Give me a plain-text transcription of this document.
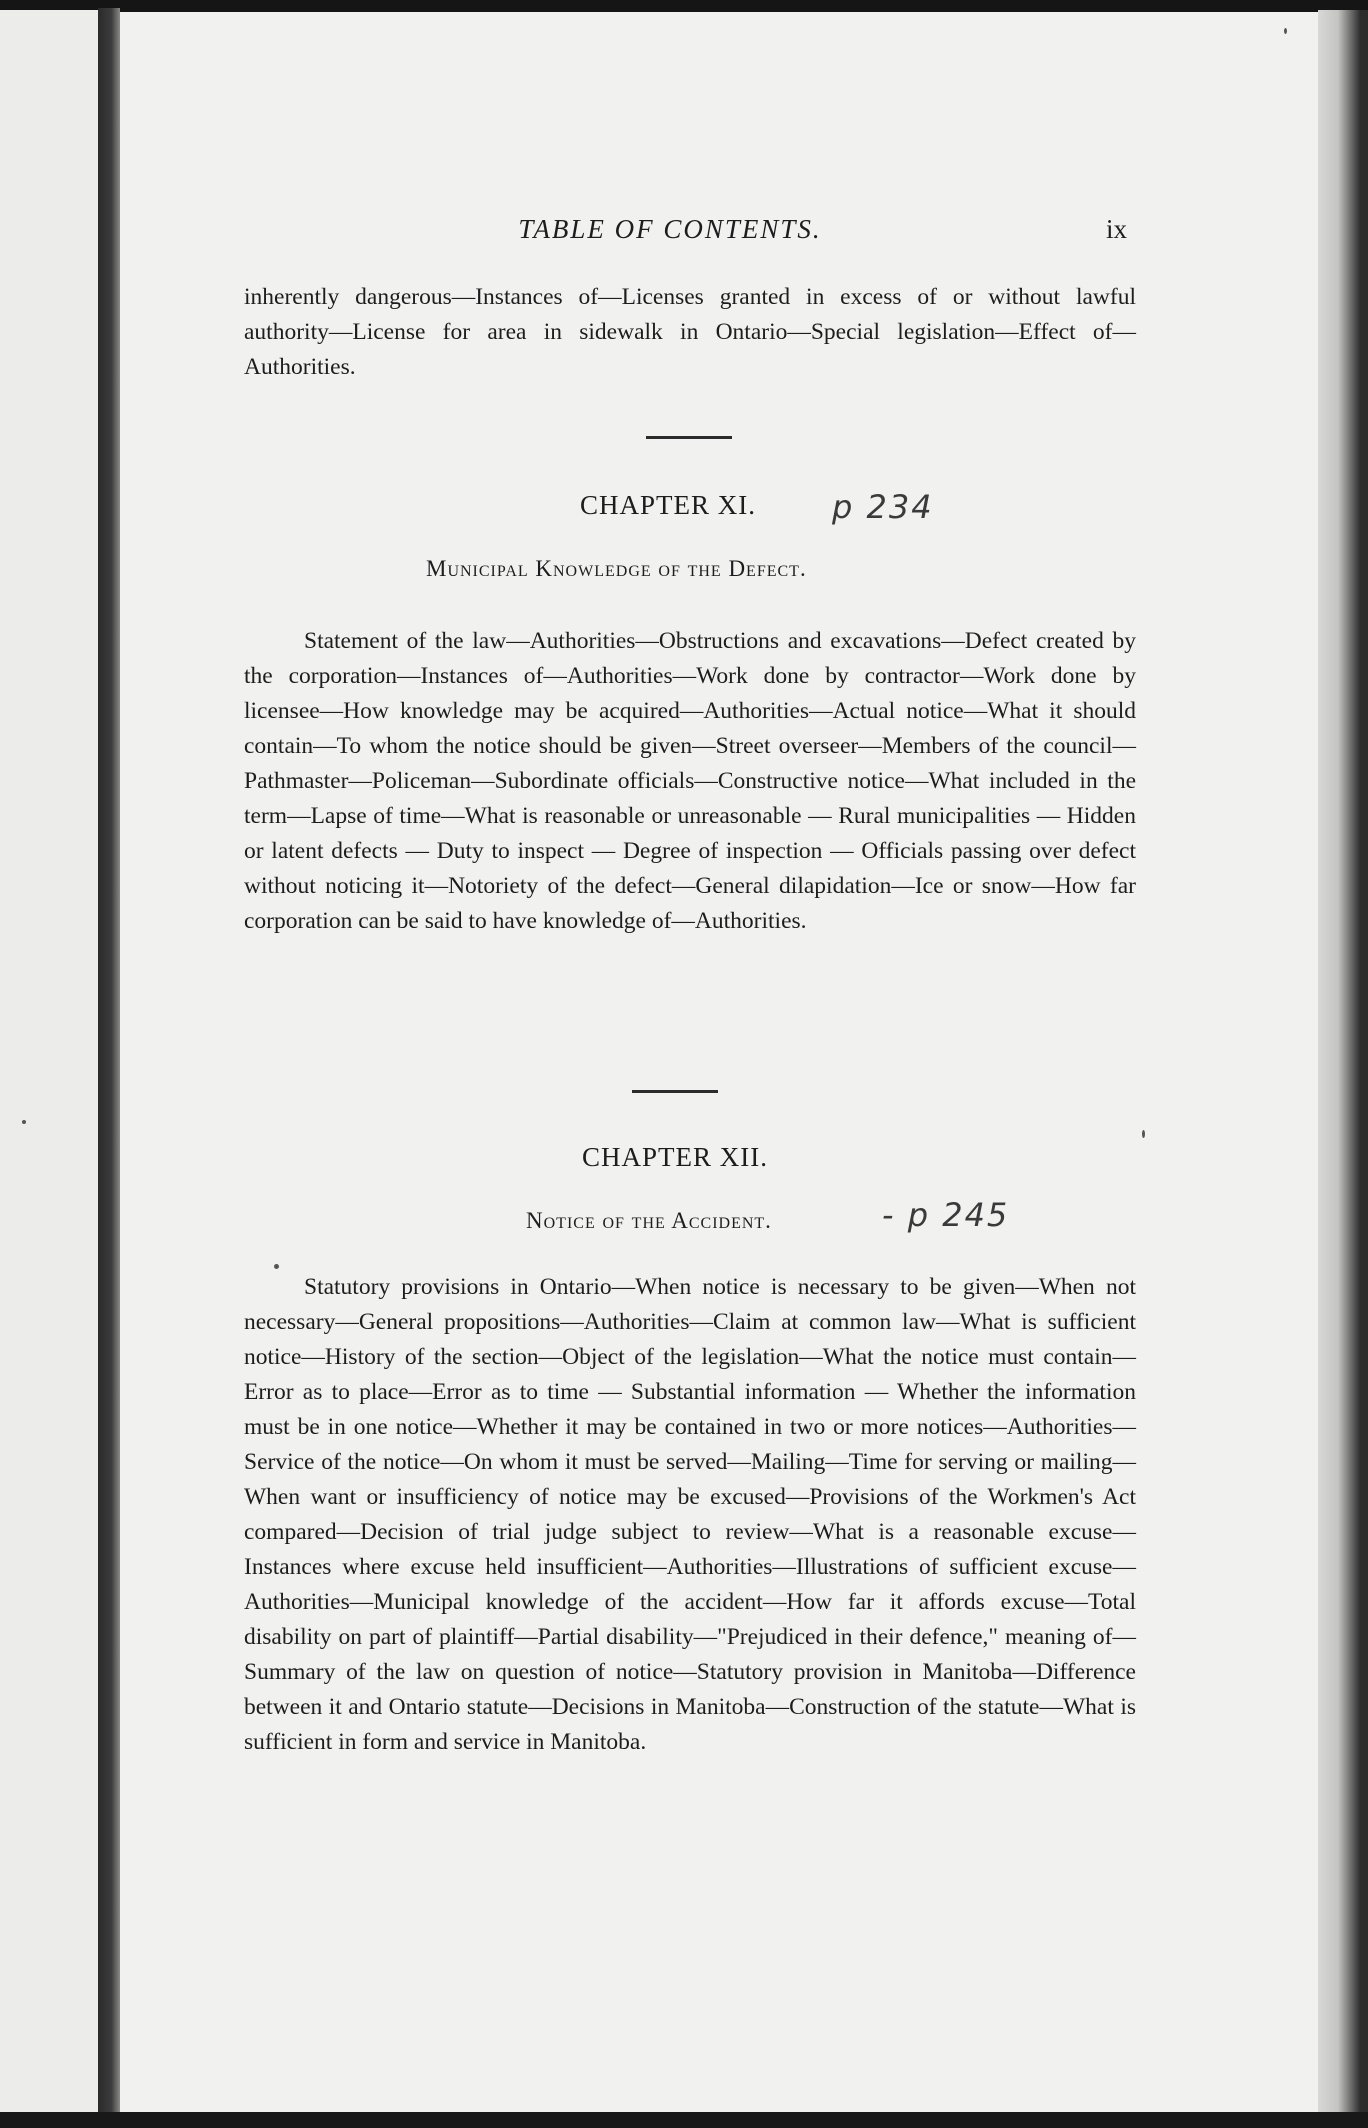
TABLE OF CONTENTS.	ix
inherently dangerous—Instances of—Licenses granted in excess of or without lawful authority—License for area in sidewalk in Ontario—Special legislation—Effect of—Authorities.
CHAPTER XI. p 234
Municipal Knowledge of the Defect.
Statement of the law—Authorities—Obstructions and excavations—Defect created by the corporation—Instances of—Authorities—Work done by contractor—Work done by licensee—How knowledge may be acquired—Authorities—Actual notice—What it should contain—To whom the notice should be given—Street overseer—Members of the council—Pathmaster—Policeman—Subordinate officials—Constructive notice—What included in the term—Lapse of time—What is reasonable or unreasonable — Rural municipalities — Hidden or latent defects — Duty to inspect — Degree of inspection — Officials passing over defect without noticing it—Notoriety of the defect—General dilapidation—Ice or snow—How far corporation can be said to have knowledge of—Authorities.
CHAPTER XII.
Notice of the Accident.	- p 245
Statutory provisions in Ontario—When notice is necessary to be given—When not necessary—General propositions—Authorities—Claim at common law—What is sufficient notice—History of the section—Object of the legislation—What the notice must contain—Error as to place—Error as to time — Substantial information — Whether the information must be in one notice—Whether it may be contained in two or more notices—Authorities—Service of the notice—On whom it must be served—Mailing—Time for serving or mailing—When want or insufficiency of notice may be excused—Provisions of the Workmen's Act compared—Decision of trial judge subject to review—What is a reasonable excuse—Instances where excuse held insufficient—Authorities—Illustrations of sufficient excuse—Authorities—Municipal knowledge of the accident—How far it affords excuse—Total disability on part of plaintiff—Partial disability—"Prejudiced in their defence," meaning of—Summary of the law on question of notice—Statutory provision in Manitoba—Difference between it and Ontario statute—Decisions in Manitoba—Construction of the statute—What is sufficient in form and service in Manitoba.
